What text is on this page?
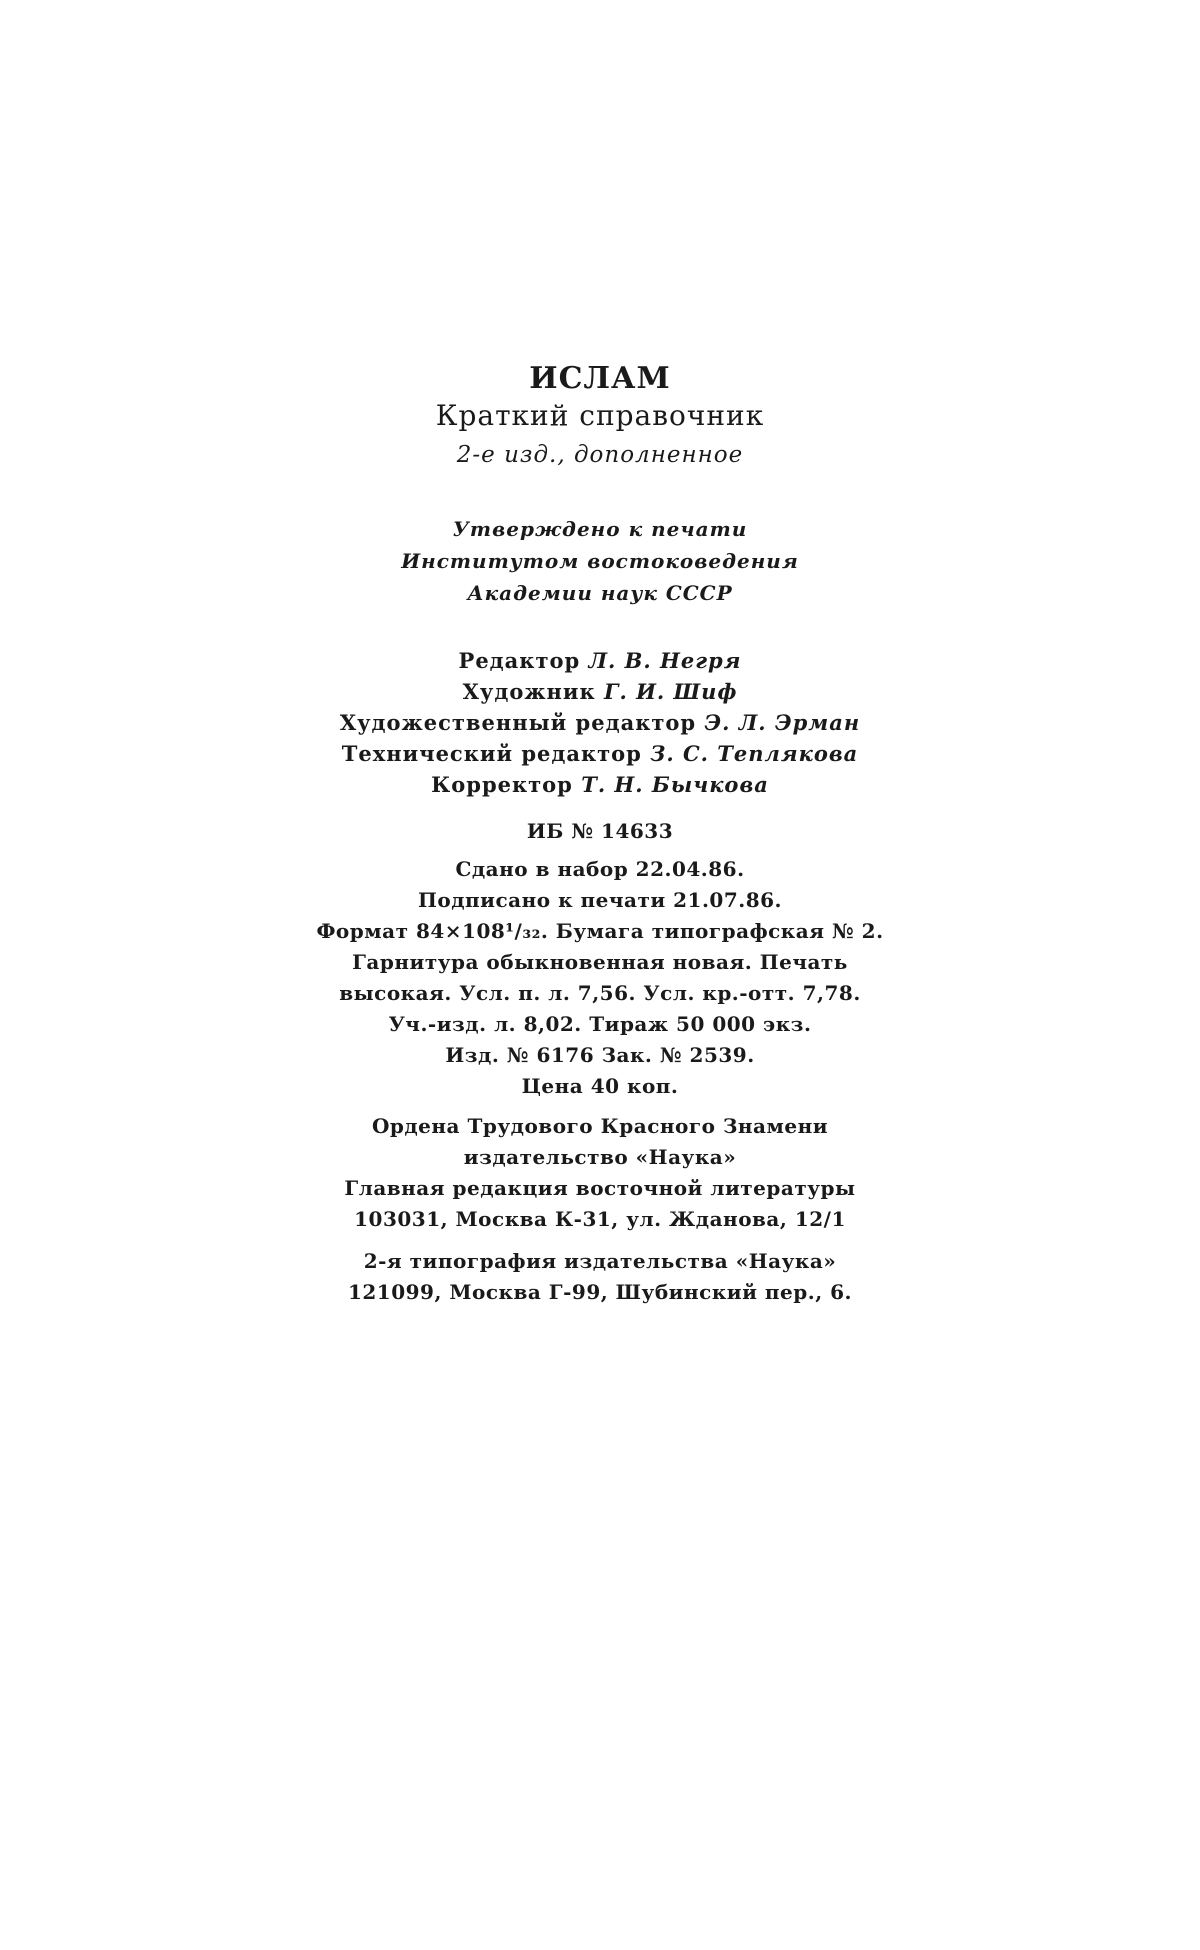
ИСЛАМ
Краткий справочник
2-е изд., дополненное
Утверждено к печати
Институтом востоковедения
Академии наук СССР
Редактор Л. В. Негря
Художник Г. И. Шиф
Художественный редактор Э. Л. Эрман
Технический редактор З. С. Теплякова
Корректор Т. Н. Бычкова
ИБ № 14633
Сдано в набор 22.04.86.
Подписано к печати 21.07.86.
Формат 84×108¹/₃₂. Бумага типографская № 2.
Гарнитура обыкновенная новая. Печать
высокая. Усл. п. л. 7,56. Усл. кр.-отт. 7,78.
Уч.-изд. л. 8,02. Тираж 50 000 экз.
Изд. № 6176 Зак. № 2539.
Цена 40 коп.
Ордена Трудового Красного Знамени
издательство «Наука»
Главная редакция восточной литературы
103031, Москва К-31, ул. Жданова, 12/1
2-я типография издательства «Наука»
121099, Москва Г-99, Шубинский пер., 6.
